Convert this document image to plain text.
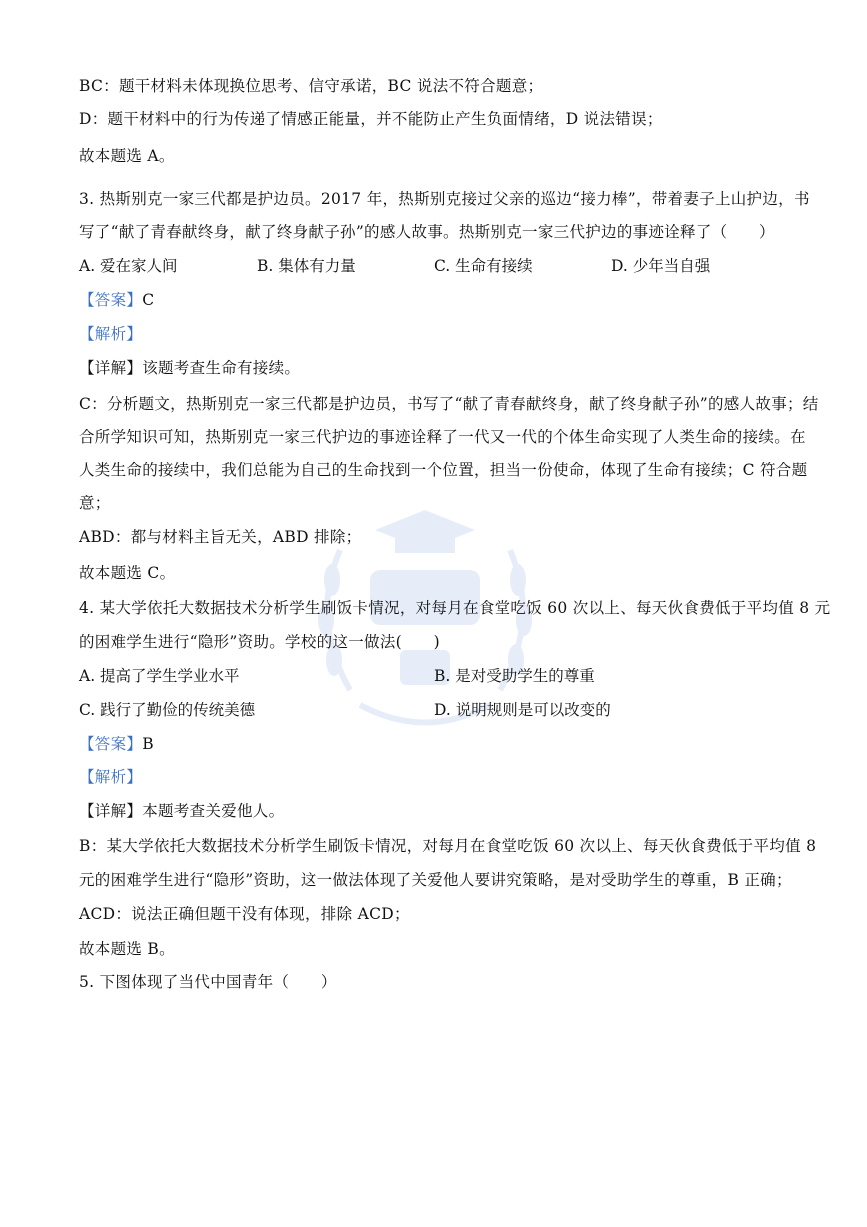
BC：题干材料未体现换位思考、信守承诺，BC 说法不符合题意；
D：题干材料中的行为传递了情感正能量，并不能防止产生负面情绪，D 说法错误；
故本题选 A。
3. 热斯别克一家三代都是护边员。2017 年，热斯别克接过父亲的巡边“接力棒”，带着妻子上山护边，书
写了“献了青春献终身，献了终身献子孙”的感人故事。热斯别克一家三代护边的事迹诠释了（　　）
A. 爱在家人间	B. 集体有力量	C. 生命有接续	D. 少年当自强
【答案】C
【解析】
【详解】该题考查生命有接续。
C：分析题文，热斯别克一家三代都是护边员，书写了“献了青春献终身，献了终身献子孙”的感人故事；结
合所学知识可知，热斯别克一家三代护边的事迹诠释了一代又一代的个体生命实现了人类生命的接续。在
人类生命的接续中，我们总能为自己的生命找到一个位置，担当一份使命，体现了生命有接续；C 符合题
意；
ABD：都与材料主旨无关，ABD 排除；
故本题选 C。
4. 某大学依托大数据技术分析学生刷饭卡情况，对每月在食堂吃饭 60 次以上、每天伙食费低于平均值 8 元
的困难学生进行“隐形”资助。学校的这一做法(　　)
A. 提高了学生学业水平	B. 是对受助学生的尊重
C. 践行了勤俭的传统美德	D. 说明规则是可以改变的
【答案】B
【解析】
【详解】本题考查关爱他人。
B：某大学依托大数据技术分析学生刷饭卡情况，对每月在食堂吃饭 60 次以上、每天伙食费低于平均值 8
元的困难学生进行“隐形”资助，这一做法体现了关爱他人要讲究策略，是对受助学生的尊重，B 正确；
ACD：说法正确但题干没有体现，排除 ACD；
故本题选 B。
5. 下图体现了当代中国青年（　　）
